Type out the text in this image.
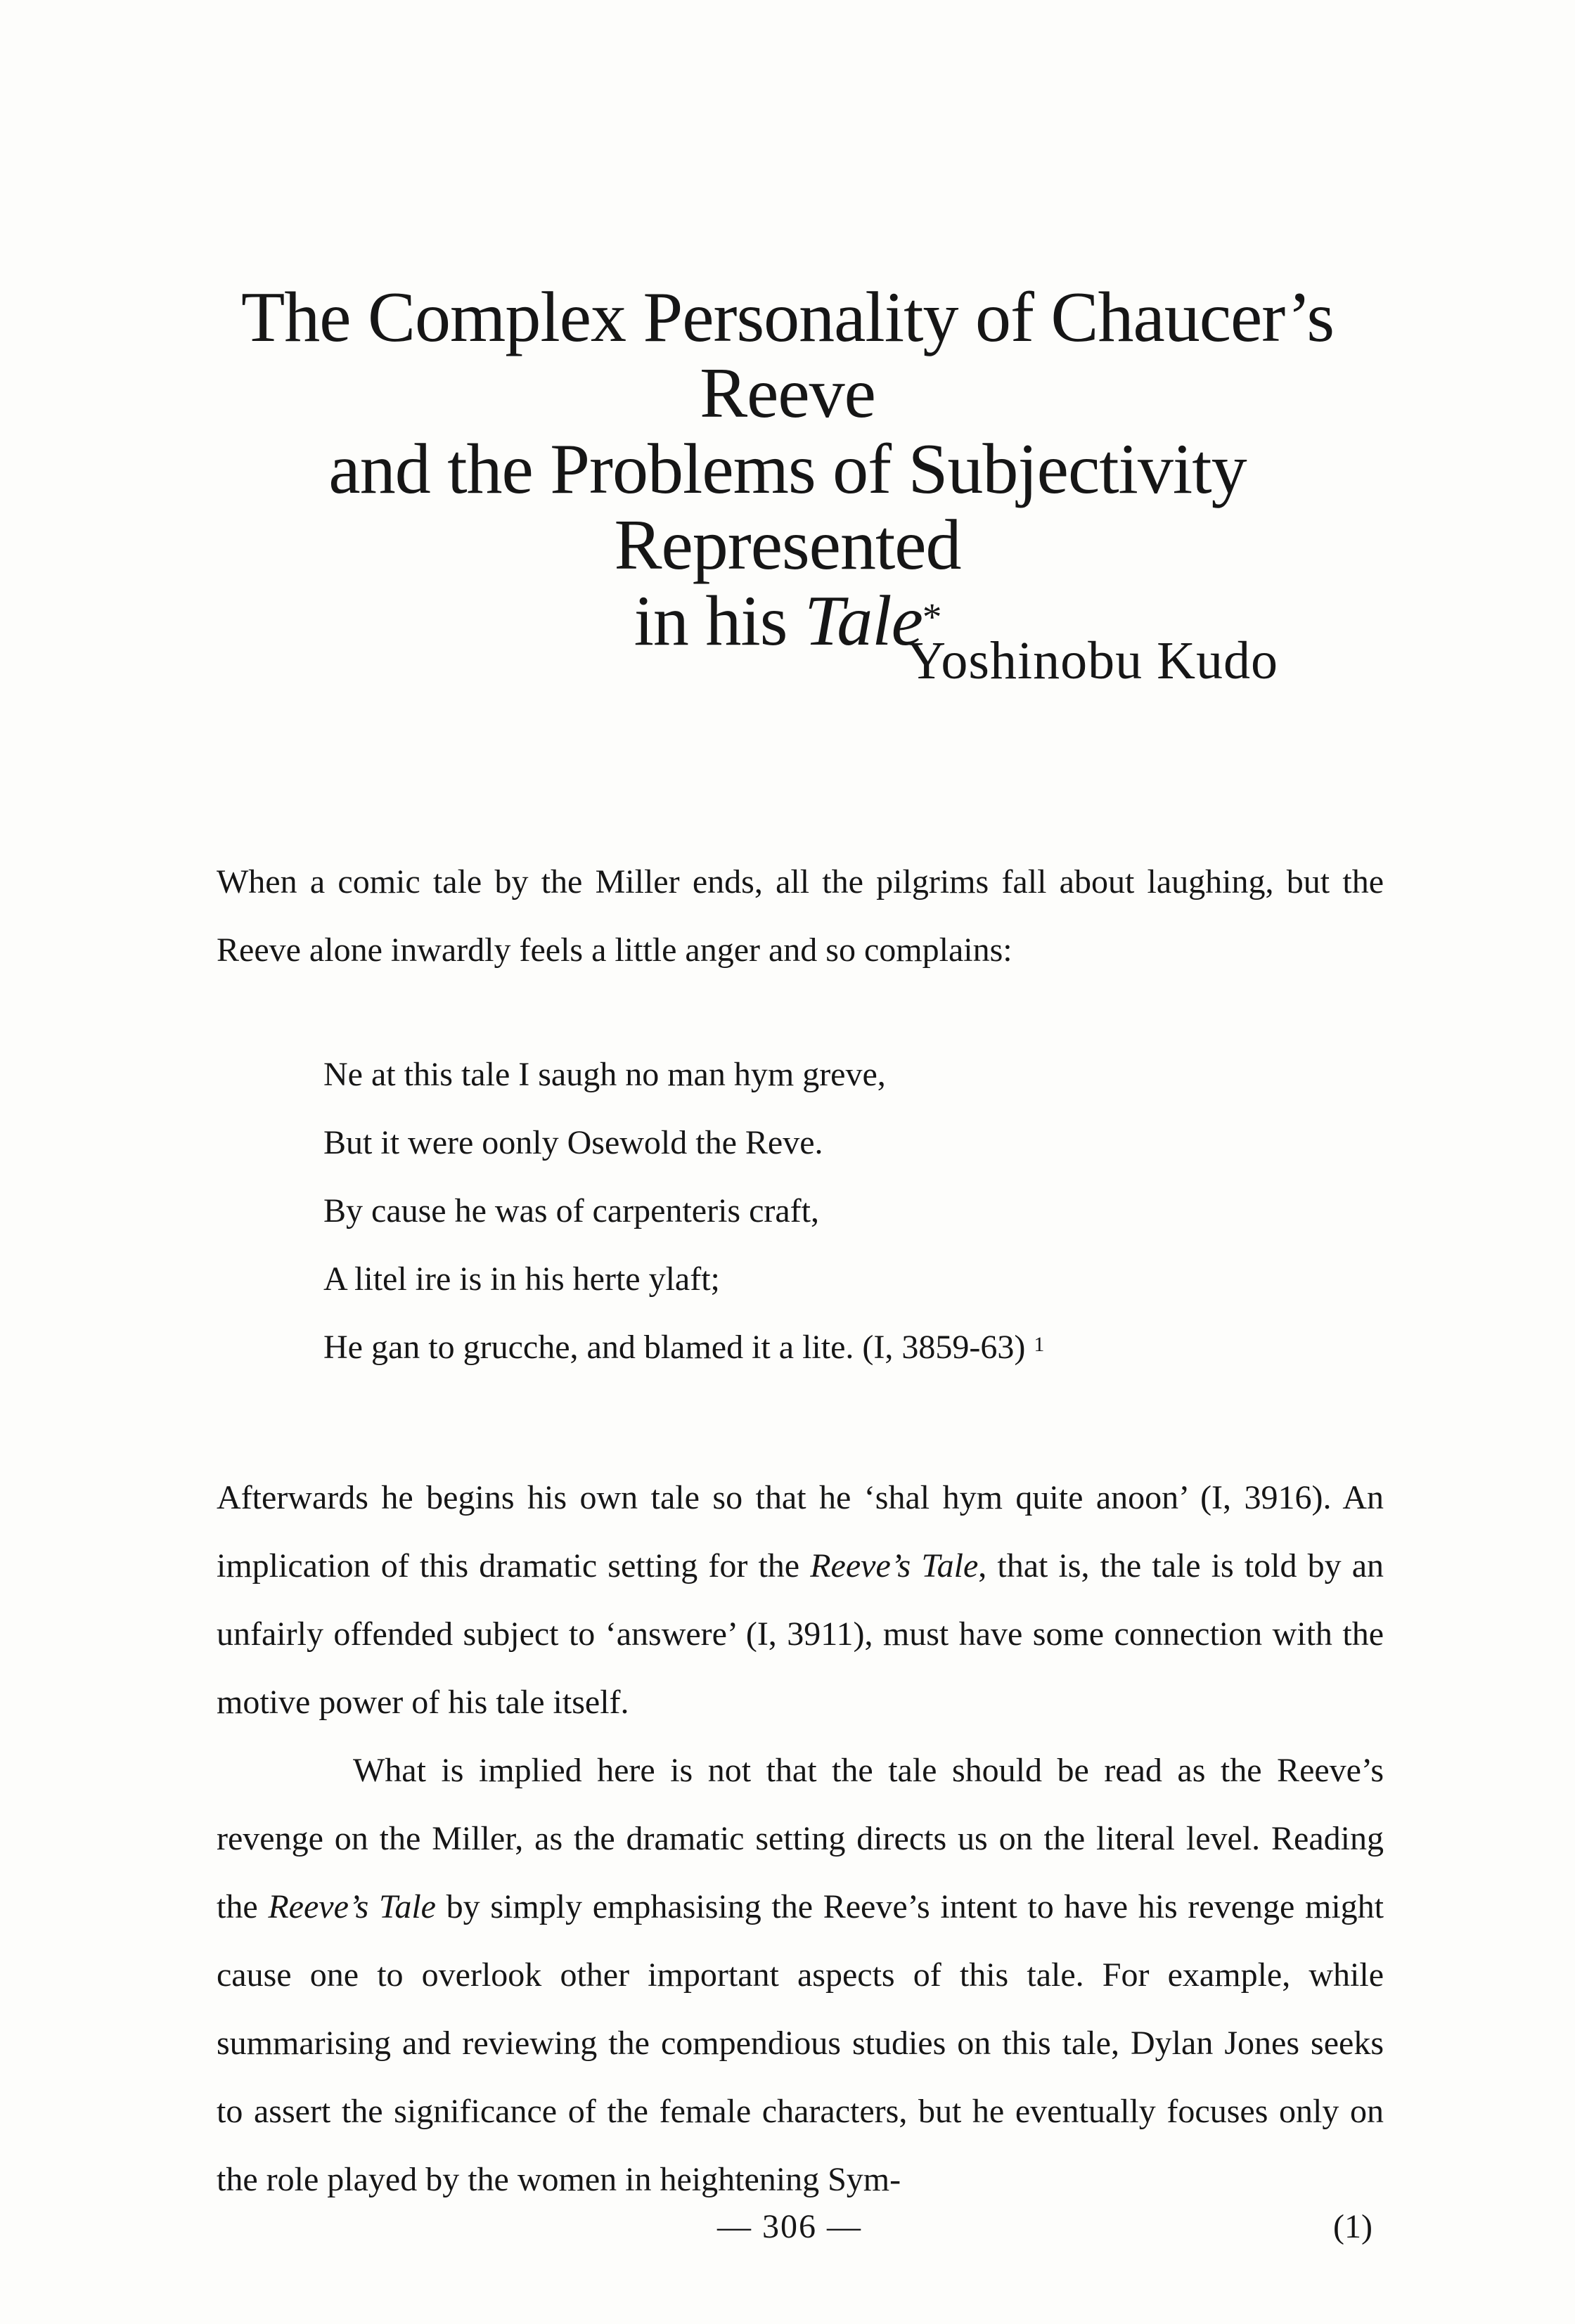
The Complex Personality of Chaucer’s Reeve
and the Problems of Subjectivity Represented
in his Tale*
Yoshinobu Kudo

When a comic tale by the Miller ends, all the pilgrims fall about laughing, but the Reeve alone inwardly feels a little anger and so complains:

Ne at this tale I saugh no man hym greve,
But it were oonly Osewold the Reve.
By cause he was of carpenteris craft,
A litel ire is in his herte ylaft;
He gan to grucche, and blamed it a lite. (I, 3859-63) $^1$

Afterwards he begins his own tale so that he ‘shal hym quite anoon’ (I, 3916). An implication of this dramatic setting for the Reeve’s Tale, that is, the tale is told by an unfairly offended subject to ‘answere’ (I, 3911), must have some connection with the motive power of his tale itself.

What is implied here is not that the tale should be read as the Reeve’s revenge on the Miller, as the dramatic setting directs us on the literal level. Reading the Reeve’s Tale by simply emphasising the Reeve’s intent to have his revenge might cause one to overlook other important aspects of this tale. For example, while summarising and reviewing the compendious studies on this tale, Dylan Jones seeks to assert the significance of the female characters, but he eventually focuses only on the role played by the women in heightening Sym-

— 306 —	(1)
